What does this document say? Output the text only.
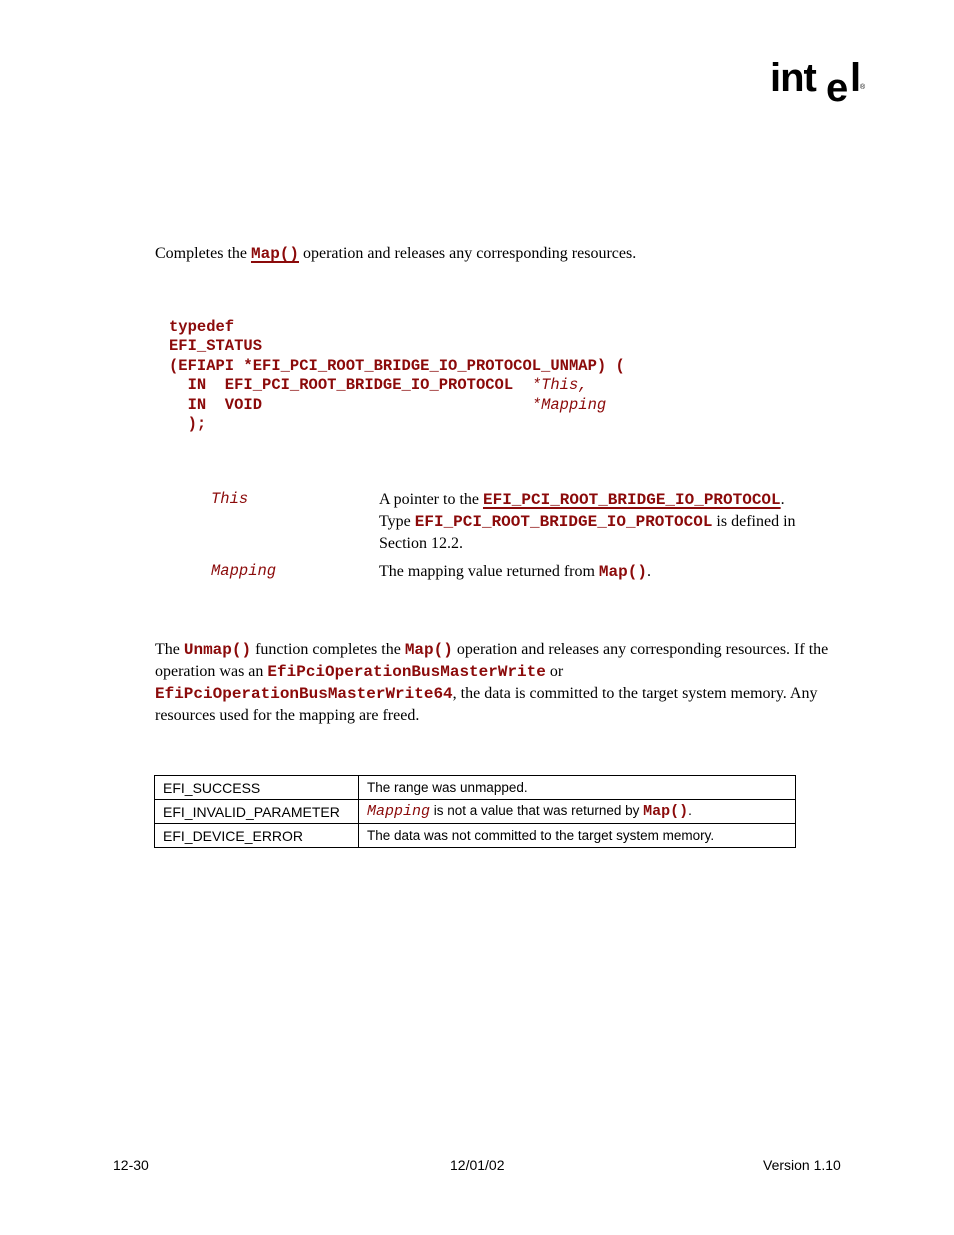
int e l
®
Completes the Map() operation and releases any corresponding resources.
typedef
EFI_STATUS
(EFIAPI *EFI_PCI_ROOT_BRIDGE_IO_PROTOCOL_UNMAP) (
IN  EFI_PCI_ROOT_BRIDGE_IO_PROTOCOL  *This,
IN  VOID                             *Mapping
);
This	A pointer to the EFI_PCI_ROOT_BRIDGE_IO_PROTOCOL.
Type EFI_PCI_ROOT_BRIDGE_IO_PROTOCOL is defined in Section 12.2.
Mapping	The mapping value returned from Map().
The Unmap() function completes the Map() operation and releases any corresponding resources. If the operation was an EfiPciOperationBusMasterWrite or
EfiPciOperationBusMasterWrite64, the data is committed to the target system memory. Any resources used for the mapping are freed.
EFI_SUCCESS	The range was unmapped.
EFI_INVALID_PARAMETER	Mapping is not a value that was returned by Map().
EFI_DEVICE_ERROR	The data was not committed to the target system memory.
12-30	12/01/02	Version 1.10
